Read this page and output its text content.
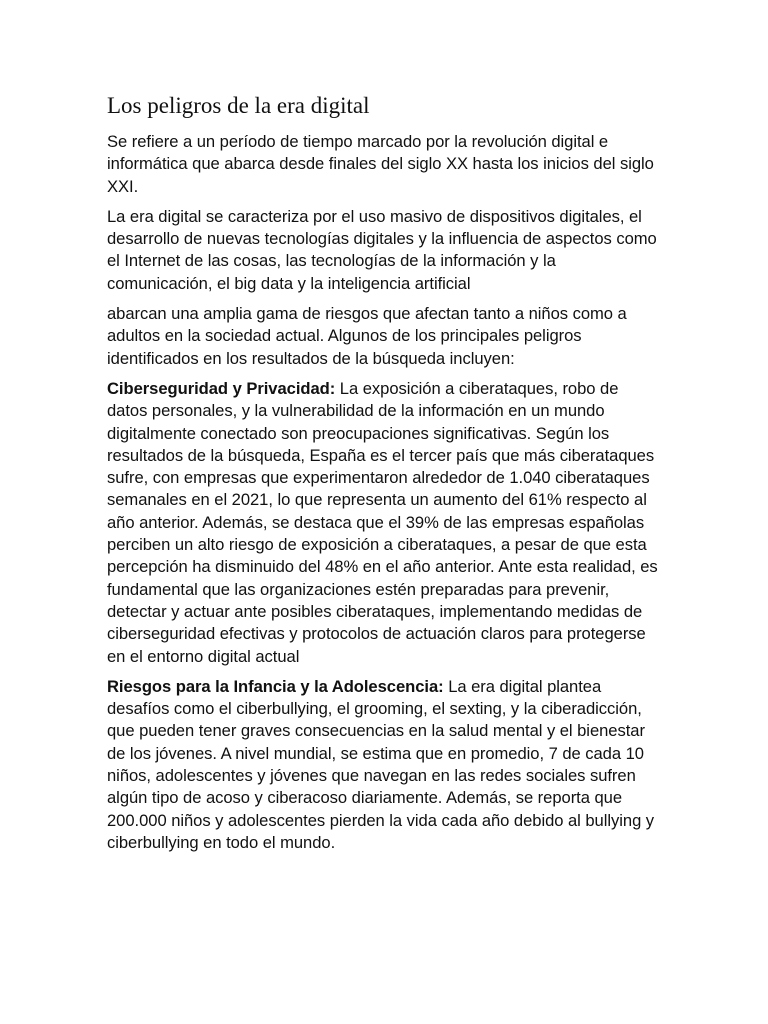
Los peligros de la era digital

Se refiere a un período de tiempo marcado por la revolución digital e informática que abarca desde finales del siglo XX hasta los inicios del siglo XXI.

La era digital se caracteriza por el uso masivo de dispositivos digitales, el desarrollo de nuevas tecnologías digitales y la influencia de aspectos como el Internet de las cosas, las tecnologías de la información y la comunicación, el big data y la inteligencia artificial

abarcan una amplia gama de riesgos que afectan tanto a niños como a adultos en la sociedad actual. Algunos de los principales peligros identificados en los resultados de la búsqueda incluyen:

Ciberseguridad y Privacidad: La exposición a ciberataques, robo de datos personales, y la vulnerabilidad de la información en un mundo digitalmente conectado son preocupaciones significativas. Según los resultados de la búsqueda, España es el tercer país que más ciberataques sufre, con empresas que experimentaron alrededor de 1.040 ciberataques semanales en el 2021, lo que representa un aumento del 61% respecto al año anterior. Además, se destaca que el 39% de las empresas españolas perciben un alto riesgo de exposición a ciberataques, a pesar de que esta percepción ha disminuido del 48% en el año anterior. Ante esta realidad, es fundamental que las organizaciones estén preparadas para prevenir, detectar y actuar ante posibles ciberataques, implementando medidas de ciberseguridad efectivas y protocolos de actuación claros para protegerse en el entorno digital actual

Riesgos para la Infancia y la Adolescencia: La era digital plantea desafíos como el ciberbullying, el grooming, el sexting, y la ciberadicción, que pueden tener graves consecuencias en la salud mental y el bienestar de los jóvenes. A nivel mundial, se estima que en promedio, 7 de cada 10 niños, adolescentes y jóvenes que navegan en las redes sociales sufren algún tipo de acoso y ciberacoso diariamente. Además, se reporta que 200.000 niños y adolescentes pierden la vida cada año debido al bullying y ciberbullying en todo el mundo.
